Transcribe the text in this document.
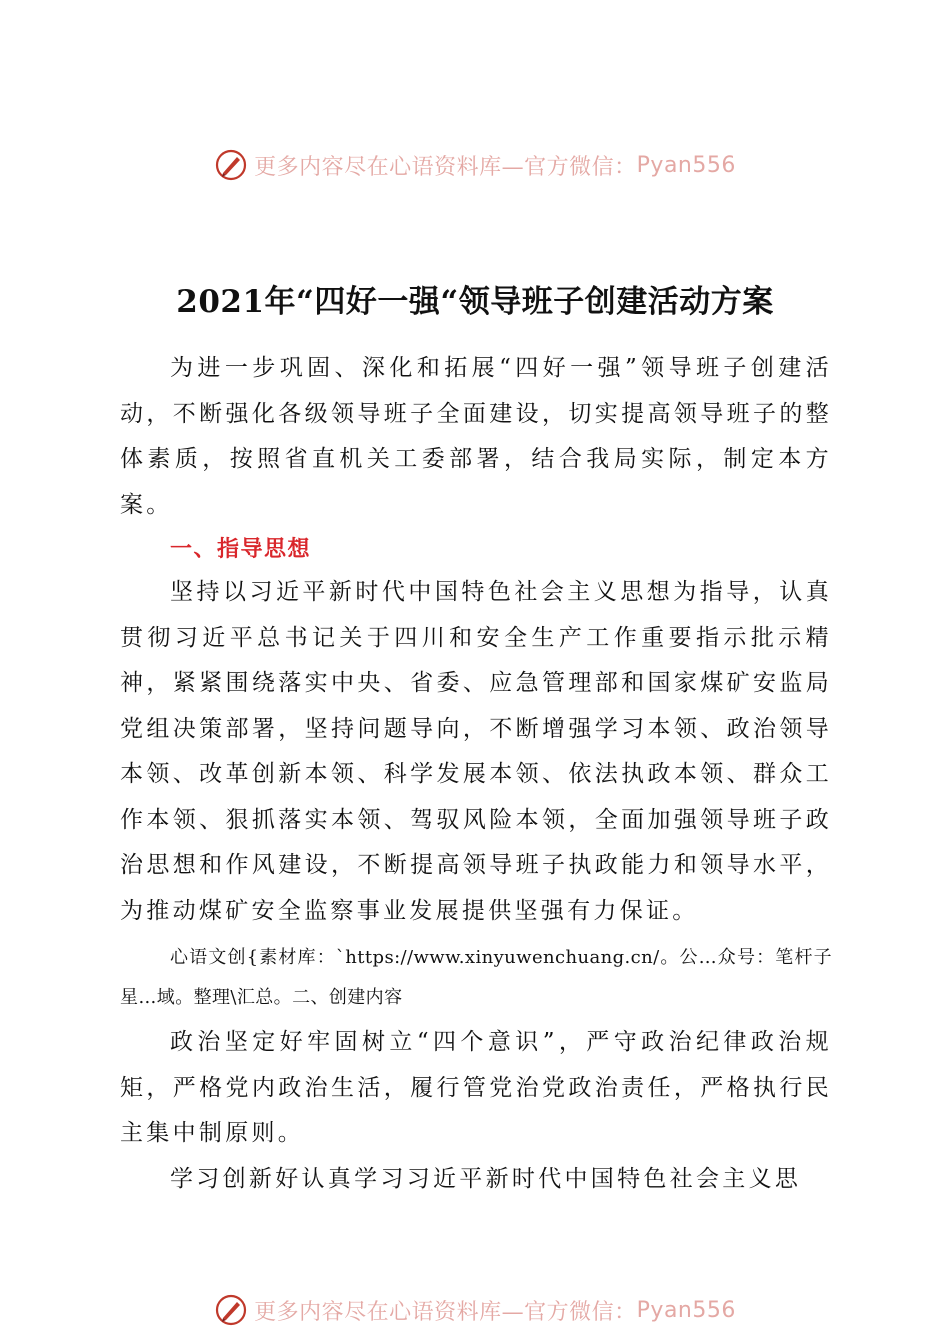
更多内容尽在心语资料库—官方微信： Pyan556
2021年“四好一强“领导班子创建活动方案

为进一步巩固、深化和拓展“四好一强”领导班子创建活动，不断强化各级领导班子全面建设，切实提高领导班子的整体素质，按照省直机关工委部署，结合我局实际，制定本方案。

一、指导思想

坚持以习近平新时代中国特色社会主义思想为指导，认真贯彻习近平总书记关于四川和安全生产工作重要指示批示精神，紧紧围绕落实中央、省委、应急管理部和国家煤矿安监局党组决策部署，坚持问题导向，不断增强学习本领、政治领导本领、改革创新本领、科学发展本领、依法执政本领、群众工作本领、狠抓落实本领、驾驭风险本领，全面加强领导班子政治思想和作风建设，不断提高领导班子执政能力和领导水平，为推动煤矿安全监察事业发展提供坚强有力保证。

心语文创{素材库：`https://www.xinyuwenchuang.cn/。公…众号：笔杆子星…域。整理\汇总。二、创建内容

政治坚定好牢固树立“四个意识”，严守政治纪律政治规矩，严格党内政治生活，履行管党治党政治责任，严格执行民主集中制原则。

学习创新好认真学习习近平新时代中国特色社会主义思

更多内容尽在心语资料库—官方微信： Pyan556
